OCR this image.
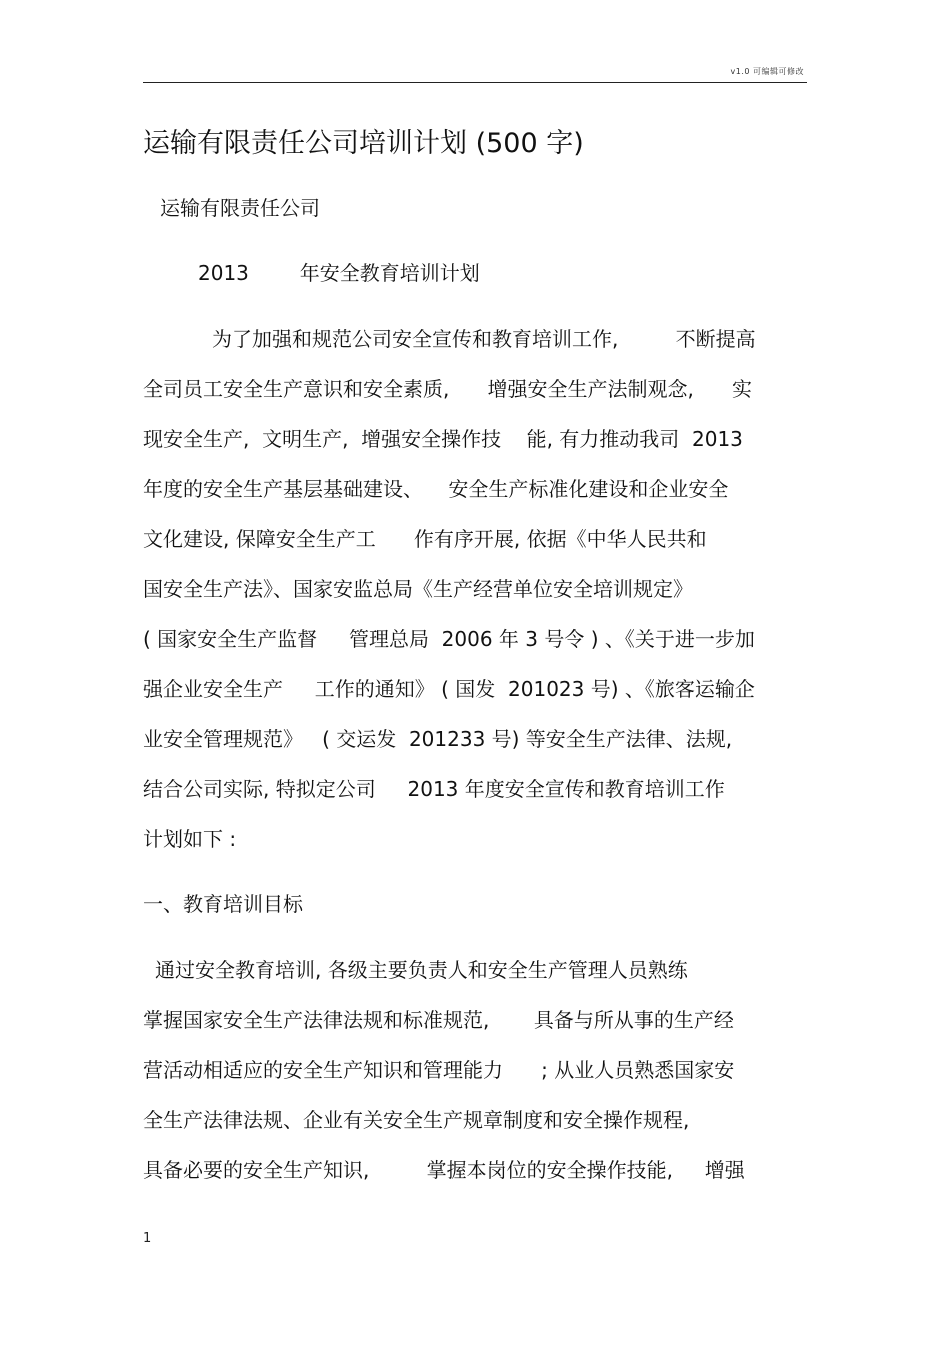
v1.0 可编辑可修改
运输有限责任公司培训计划 (500 字)
运输有限责任公司
2013        年安全教育培训计划
为了加强和规范公司安全宣传和教育培训工作,         不断提高
全司员工安全生产意识和安全素质,      增强安全生产法制观念,      实
现安全生产,  文明生产,  增强安全操作技    能, 有力推动我司  2013
年度的安全生产基层基础建设、    安全生产标准化建设和企业安全
文化建设, 保障安全生产工      作有序开展, 依据《中华人民共和
国安全生产法》、国家安监总局《生产经营单位安全培训规定》
( 国家安全生产监督     管理总局  2006 年 3 号令 ) 、《关于进一步加
强企业安全生产     工作的通知》 ( 国发  201023 号) 、《旅客运输企
业安全管理规范》   ( 交运发  201233 号) 等安全生产法律、法规,
结合公司实际, 特拟定公司     2013 年度安全宣传和教育培训工作
计划如下 :
一、教育培训目标
通过安全教育培训, 各级主要负责人和安全生产管理人员熟练
掌握国家安全生产法律法规和标准规范,       具备与所从事的生产经
营活动相适应的安全生产知识和管理能力      ; 从业人员熟悉国家安
全生产法律法规、企业有关安全生产规章制度和安全操作规程,
具备必要的安全生产知识,         掌握本岗位的安全操作技能,     增强
1
